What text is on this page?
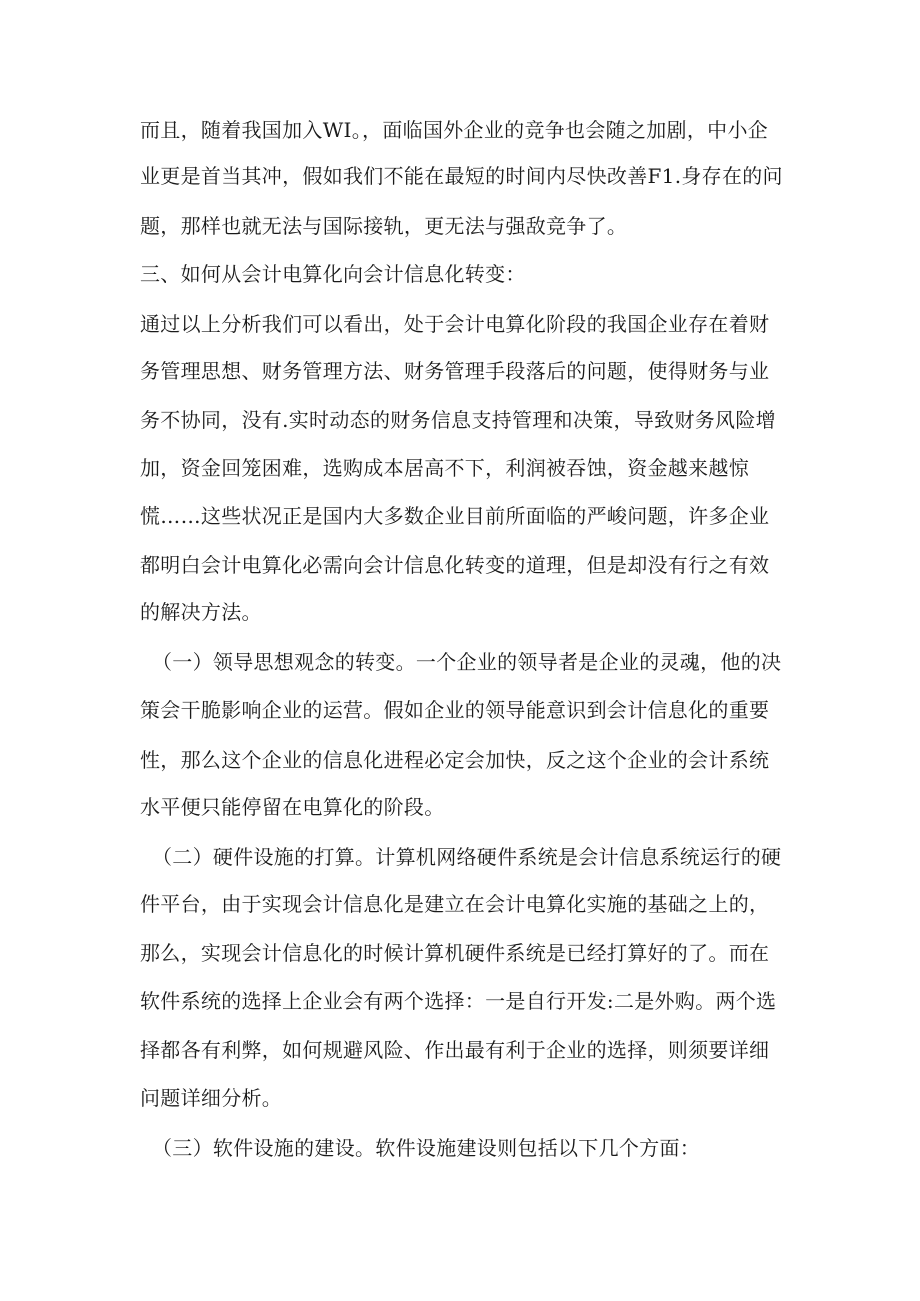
而且，随着我国加入WI。，面临国外企业的竞争也会随之加剧，中小企
业更是首当其冲，假如我们不能在最短的时间内尽快改善F1.身存在的问
题，那样也就无法与国际接轨，更无法与强敌竞争了。
三、如何从会计电算化向会计信息化转变：
通过以上分析我们可以看出，处于会计电算化阶段的我国企业存在着财
务管理思想、财务管理方法、财务管理手段落后的问题，使得财务与业
务不协同，没有.实时动态的财务信息支持管理和决策，导致财务风险增
加，资金回笼困难，选购成本居高不下，利润被吞蚀，资金越来越惊
慌……这些状况正是国内大多数企业目前所面临的严峻问题，许多企业
都明白会计电算化必需向会计信息化转变的道理，但是却没有行之有效
的解决方法。
（一）领导思想观念的转变。一个企业的领导者是企业的灵魂，他的决
策会干脆影响企业的运营。假如企业的领导能意识到会计信息化的重要
性，那么这个企业的信息化进程必定会加快，反之这个企业的会计系统
水平便只能停留在电算化的阶段。
（二）硬件设施的打算。计算机网络硬件系统是会计信息系统运行的硬
件平台，由于实现会计信息化是建立在会计电算化实施的基础之上的，
那么，实现会计信息化的时候计算机硬件系统是已经打算好的了。而在
软件系统的选择上企业会有两个选择：一是自行开发:二是外购。两个选
择都各有利弊，如何规避风险、作出最有利于企业的选择，则须要详细
问题详细分析。
（三）软件设施的建设。软件设施建设则包括以下几个方面：
